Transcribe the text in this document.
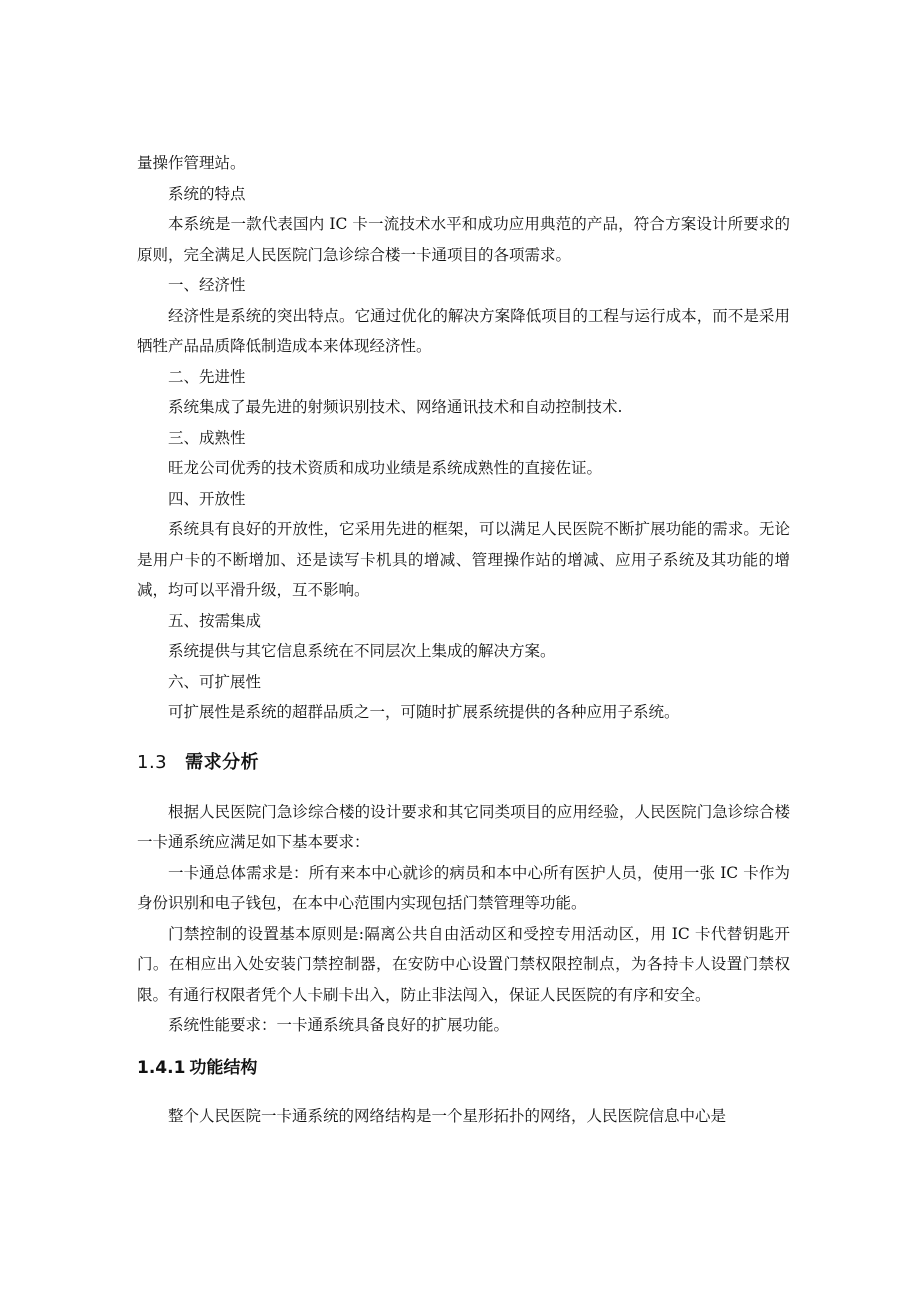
量操作管理站。

系统的特点

本系统是一款代表国内 IC 卡一流技术水平和成功应用典范的产品，符合方案设计所要求的原则，完全满足人民医院门急诊综合楼一卡通项目的各项需求。

一、经济性

经济性是系统的突出特点。它通过优化的解决方案降低项目的工程与运行成本，而不是采用牺牲产品品质降低制造成本来体现经济性。

二、先进性

系统集成了最先进的射频识别技术、网络通讯技术和自动控制技术.

三、成熟性

旺龙公司优秀的技术资质和成功业绩是系统成熟性的直接佐证。

四、开放性

系统具有良好的开放性，它采用先进的框架，可以满足人民医院不断扩展功能的需求。无论是用户卡的不断增加、还是读写卡机具的增减、管理操作站的增减、应用子系统及其功能的增减，均可以平滑升级，互不影响。

五、按需集成

系统提供与其它信息系统在不同层次上集成的解决方案。

六、可扩展性

可扩展性是系统的超群品质之一，可随时扩展系统提供的各种应用子系统。

1.3 需求分析

根据人民医院门急诊综合楼的设计要求和其它同类项目的应用经验，人民医院门急诊综合楼一卡通系统应满足如下基本要求：

一卡通总体需求是：所有来本中心就诊的病员和本中心所有医护人员，使用一张 IC 卡作为身份识别和电子钱包，在本中心范围内实现包括门禁管理等功能。

门禁控制的设置基本原则是:隔离公共自由活动区和受控专用活动区，用 IC 卡代替钥匙开门。在相应出入处安装门禁控制器，在安防中心设置门禁权限控制点，为各持卡人设置门禁权限。有通行权限者凭个人卡刷卡出入，防止非法闯入，保证人民医院的有序和安全。

系统性能要求：一卡通系统具备良好的扩展功能。

1.4.1 功能结构

整个人民医院一卡通系统的网络结构是一个星形拓扑的网络，人民医院信息中心是
